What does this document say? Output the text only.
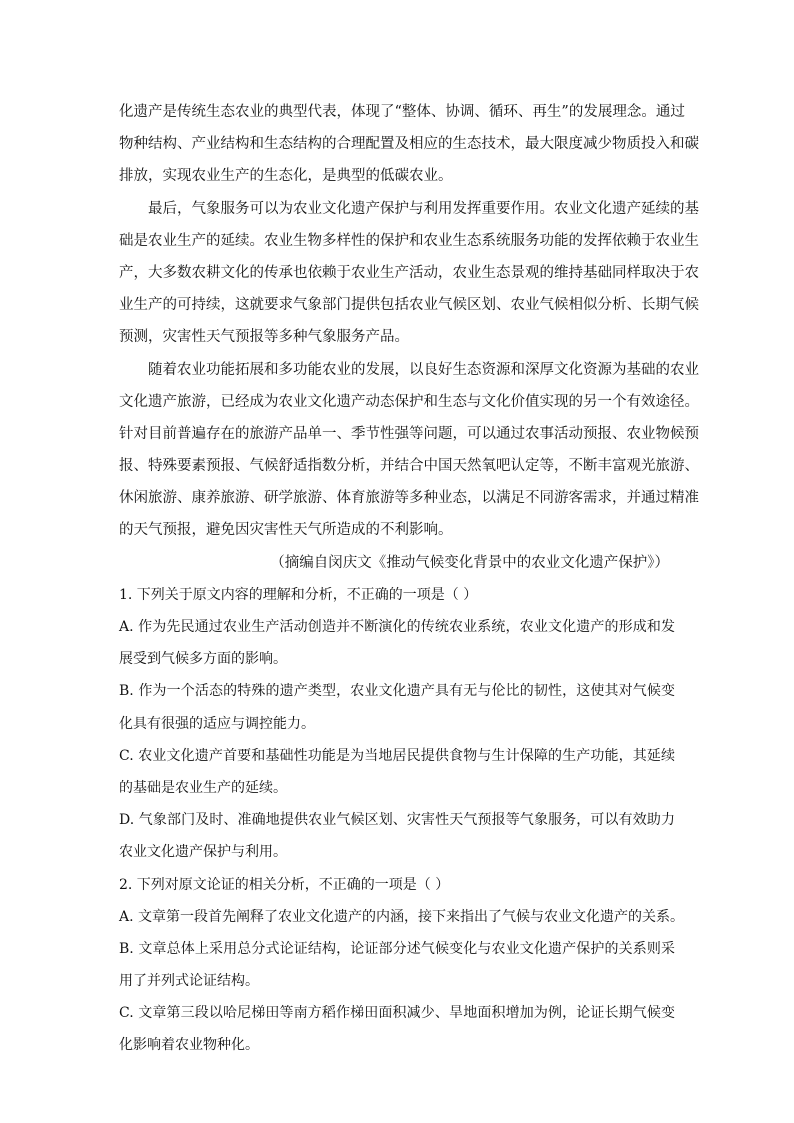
化遗产是传统生态农业的典型代表，体现了“整体、协调、循环、再生”的发展理念。通过
物种结构、产业结构和生态结构的合理配置及相应的生态技术，最大限度减少物质投入和碳
排放，实现农业生产的生态化，是典型的低碳农业。
最后，气象服务可以为农业文化遗产保护与利用发挥重要作用。农业文化遗产延续的基
础是农业生产的延续。农业生物多样性的保护和农业生态系统服务功能的发挥依赖于农业生
产，大多数农耕文化的传承也依赖于农业生产活动，农业生态景观的维持基础同样取决于农
业生产的可持续，这就要求气象部门提供包括农业气候区划、农业气候相似分析、长期气候
预测，灾害性天气预报等多种气象服务产品。
随着农业功能拓展和多功能农业的发展，以良好生态资源和深厚文化资源为基础的农业
文化遗产旅游，已经成为农业文化遗产动态保护和生态与文化价值实现的另一个有效途径。
针对目前普遍存在的旅游产品单一、季节性强等问题，可以通过农事活动预报、农业物候预
报、特殊要素预报、气候舒适指数分析，并结合中国天然氧吧认定等，不断丰富观光旅游、
休闲旅游、康养旅游、研学旅游、体育旅游等多种业态，以满足不同游客需求，并通过精准
的天气预报，避免因灾害性天气所造成的不利影响。
（摘编自闵庆文《推动气候变化背景中的农业文化遗产保护》）
1. 下列关于原文内容的理解和分析，不正确的一项是（ ）
A. 作为先民通过农业生产活动创造并不断演化的传统农业系统，农业文化遗产的形成和发
展受到气候多方面的影响。
B. 作为一个活态的特殊的遗产类型，农业文化遗产具有无与伦比的韧性，这使其对气候变
化具有很强的适应与调控能力。
C. 农业文化遗产首要和基础性功能是为当地居民提供食物与生计保障的生产功能，其延续
的基础是农业生产的延续。
D. 气象部门及时、准确地提供农业气候区划、灾害性天气预报等气象服务，可以有效助力
农业文化遗产保护与利用。
2. 下列对原文论证的相关分析，不正确的一项是（ ）
A. 文章第一段首先阐释了农业文化遗产的内涵，接下来指出了气候与农业文化遗产的关系。
B. 文章总体上采用总分式论证结构，论证部分述气候变化与农业文化遗产保护的关系则采
用了并列式论证结构。
C. 文章第三段以哈尼梯田等南方稻作梯田面积减少、旱地面积增加为例，论证长期气候变
化影响着农业物种化。
